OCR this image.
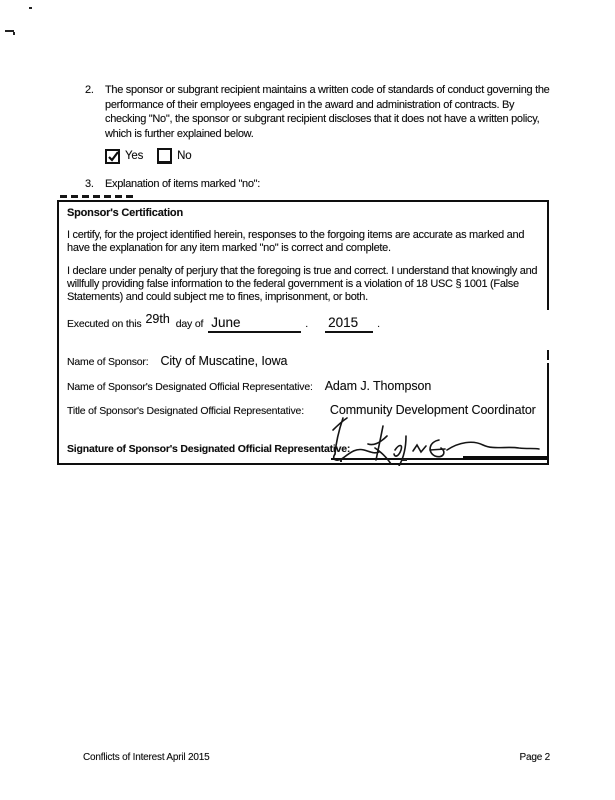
2. The sponsor or subgrant recipient maintains a written code of standards of conduct governing the performance of their employees engaged in the award and administration of contracts. By checking "No", the sponsor or subgrant recipient discloses that it does not have a written policy, which is further explained below.
Yes	No
3. Explanation of items marked "no":
Sponsor's Certification
I certify, for the project identified herein, responses to the forgoing items are accurate as marked and have the explanation for any item marked "no" is correct and complete.
I declare under penalty of perjury that the foregoing is true and correct. I understand that knowingly and willfully providing false information to the federal government is a violation of 18 USC § 1001 (False Statements) and could subject me to fines, imprisonment, or both.
Executed on this 29th day of June	. 2015	.
Name of Sponsor: City of Muscatine, Iowa
Name of Sponsor's Designated Official Representative: Adam J. Thompson
Title of Sponsor's Designated Official Representative: Community Development Coordinator
Signature of Sponsor's Designated Official Representative:
Conflicts of Interest April 2015	Page 2
